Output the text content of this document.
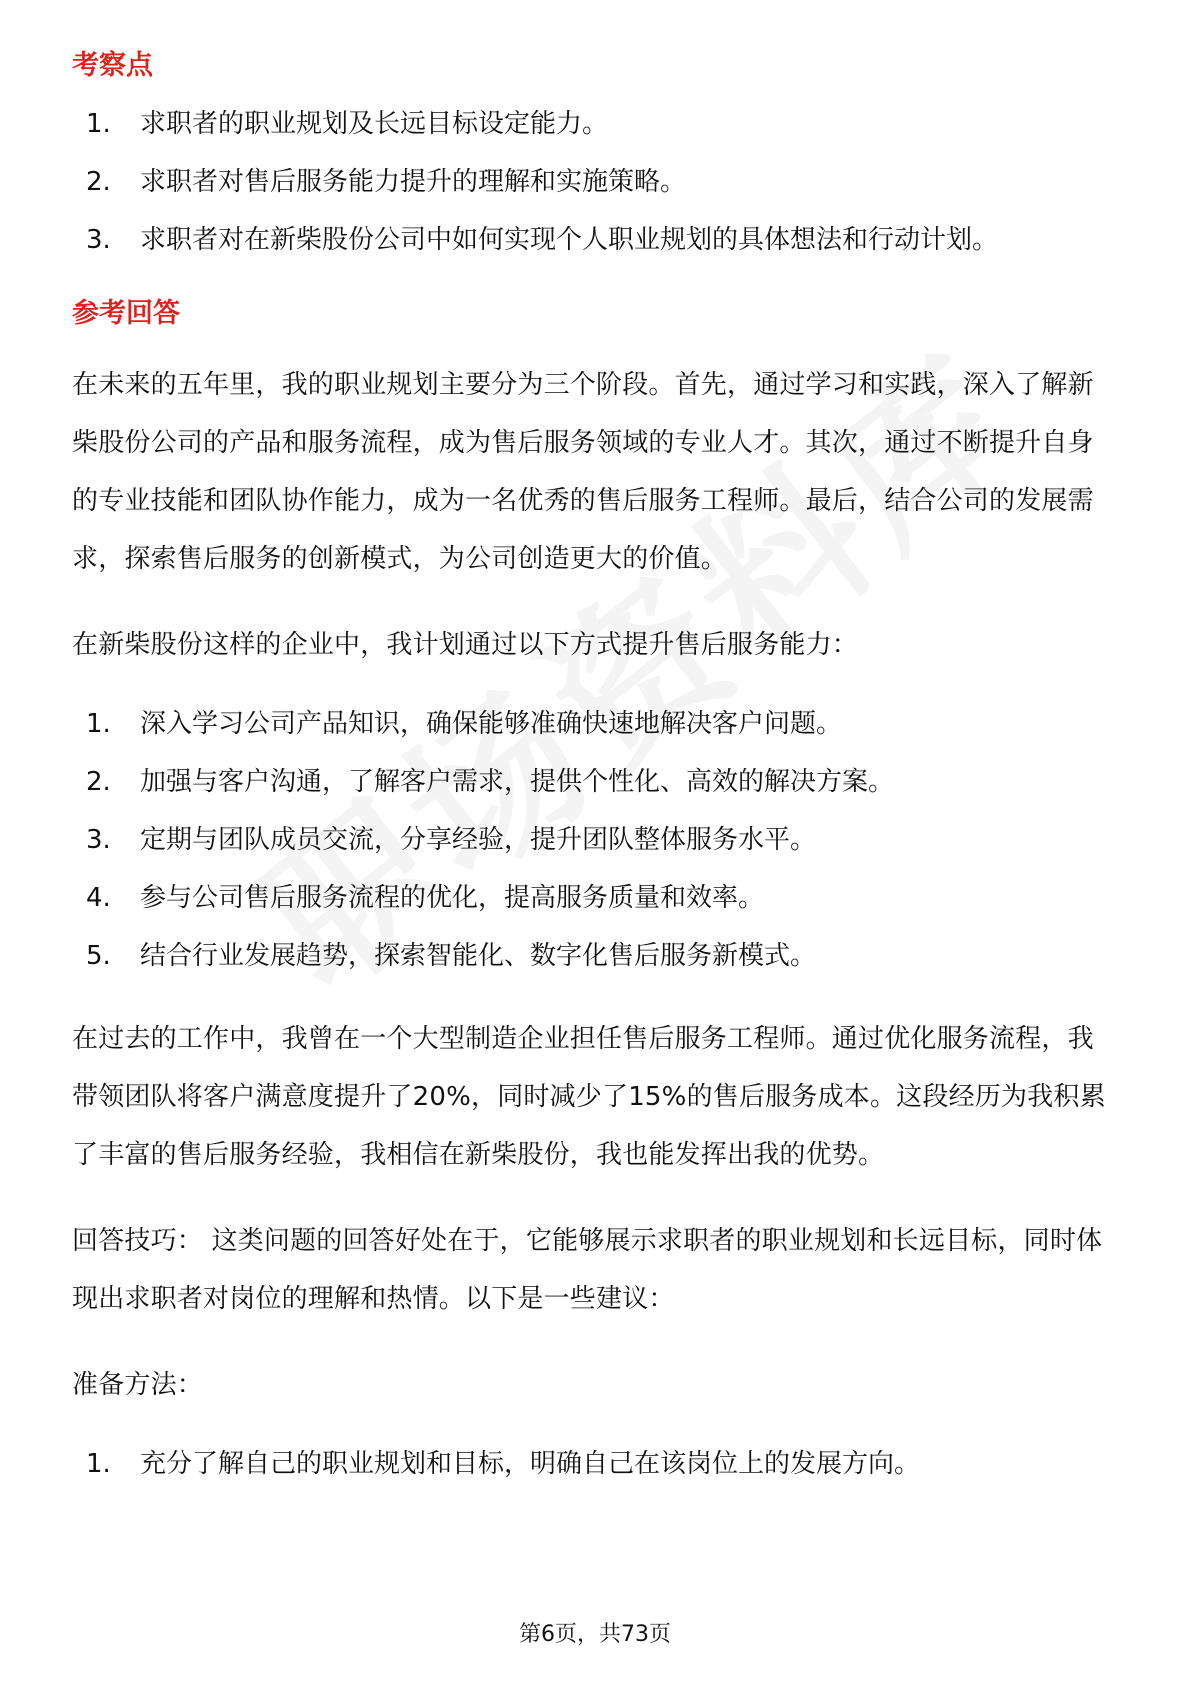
考察点
1.	求职者的职业规划及长远目标设定能力。
2.	求职者对售后服务能力提升的理解和实施策略。
3.	求职者对在新柴股份公司中如何实现个人职业规划的具体想法和行动计划。
参考回答

在未来的五年里，我的职业规划主要分为三个阶段。首先，通过学习和实践，深入了解新柴股份公司的产品和服务流程，成为售后服务领域的专业人才。其次，通过不断提升自身的专业技能和团队协作能力，成为一名优秀的售后服务工程师。最后，结合公司的发展需求，探索售后服务的创新模式，为公司创造更大的价值。

在新柴股份这样的企业中，我计划通过以下方式提升售后服务能力：

1.	深入学习公司产品知识，确保能够准确快速地解决客户问题。
2.	加强与客户沟通，了解客户需求，提供个性化、高效的解决方案。
3.	定期与团队成员交流，分享经验，提升团队整体服务水平。
4.	参与公司售后服务流程的优化，提高服务质量和效率。
5.	结合行业发展趋势，探索智能化、数字化售后服务新模式。

在过去的工作中，我曾在一个大型制造企业担任售后服务工程师。通过优化服务流程，我带领团队将客户满意度提升了20%，同时减少了15%的售后服务成本。这段经历为我积累了丰富的售后服务经验，我相信在新柴股份，我也能发挥出我的优势。

回答技巧： 这类问题的回答好处在于，它能够展示求职者的职业规划和长远目标，同时体现出求职者对岗位的理解和热情。以下是一些建议：

准备方法：

1.	充分了解自己的职业规划和目标，明确自己在该岗位上的发展方向。
第6页，共73页
